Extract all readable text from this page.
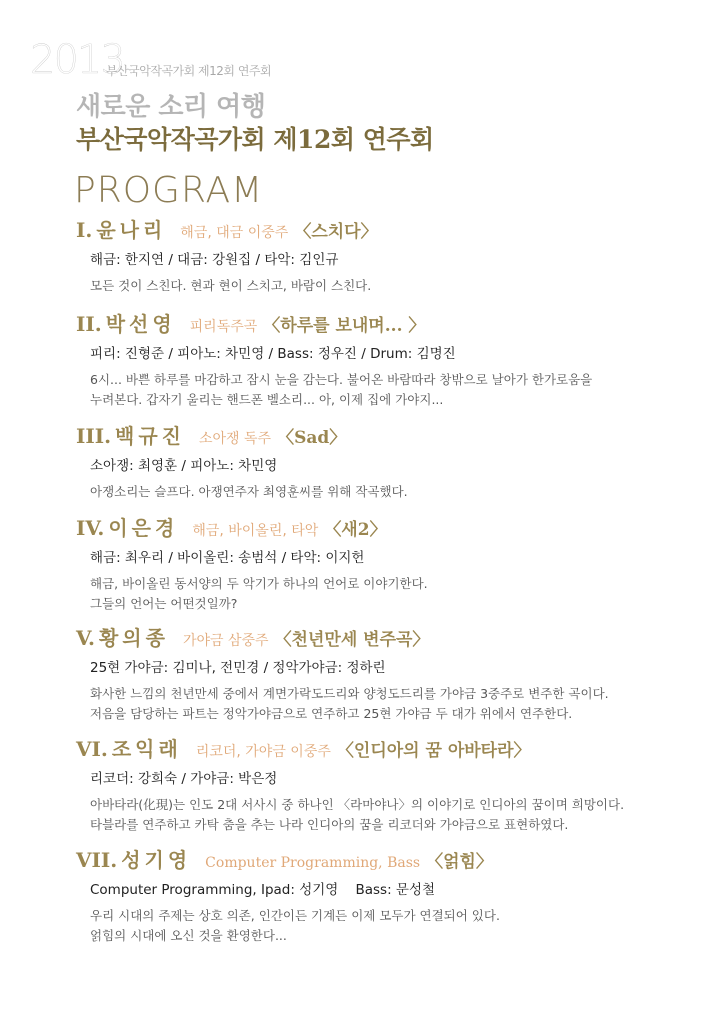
2013
부산국악작곡가회 제12회 연주회
새로운 소리 여행
부산국악작곡가회 제12회 연주회
PROGRAM
I. 윤나리 해금, 대금 이중주 〈스치다〉
해금: 한지연 / 대금: 강원집 / 타악: 김인규
모든 것이 스친다. 현과 현이 스치고, 바람이 스친다.
II. 박선영 피리독주곡 〈하루를 보내며... 〉
피리: 진형준 / 피아노: 차민영 / Bass: 정우진 / Drum: 김명진
6시... 바쁜 하루를 마감하고 잠시 눈을 감는다. 불어온 바람따라 창밖으로 날아가 한가로움을
누려본다. 갑자기 울리는 핸드폰 벨소리... 아, 이제 집에 가야지...
III. 백규진 소아쟁 독주 〈Sad〉
소아쟁: 최영훈 / 피아노: 차민영
아쟁소리는 슬프다. 아쟁연주자 최영훈씨를 위해 작곡했다.
IV. 이은경 해금, 바이올린, 타악 〈새2〉
해금: 최우리 / 바이올린: 송범석 / 타악: 이지헌
해금, 바이올린 동서양의 두 악기가 하나의 언어로 이야기한다.
그들의 언어는 어떤것일까?
V. 황의종 가야금 삼중주 〈천년만세 변주곡〉
25현 가야금: 김미나, 전민경 / 정악가야금: 정하린
화사한 느낌의 천년만세 중에서 계면가락도드리와 양청도드리를 가야금 3중주로 변주한 곡이다.
저음을 담당하는 파트는 정악가야금으로 연주하고 25현 가야금 두 대가 위에서 연주한다.
VI. 조익래 리코더, 가야금 이중주 〈인디아의 꿈 아바타라〉
리코더: 강희숙 / 가야금: 박은정
아바타라(化現)는 인도 2대 서사시 중 하나인 〈라마야나〉의 이야기로 인디아의 꿈이며 희망이다.
타블라를 연주하고 카탁 춤을 추는 나라 인디아의 꿈을 리코더와 가야금으로 표현하였다.
VII. 성기영 Computer Programming, Bass 〈얽힘〉
Computer Programming, Ipad: 성기영    Bass: 문성철
우리 시대의 주제는 상호 의존, 인간이든 기계든 이제 모두가 연결되어 있다.
얽힘의 시대에 오신 것을 환영한다...
